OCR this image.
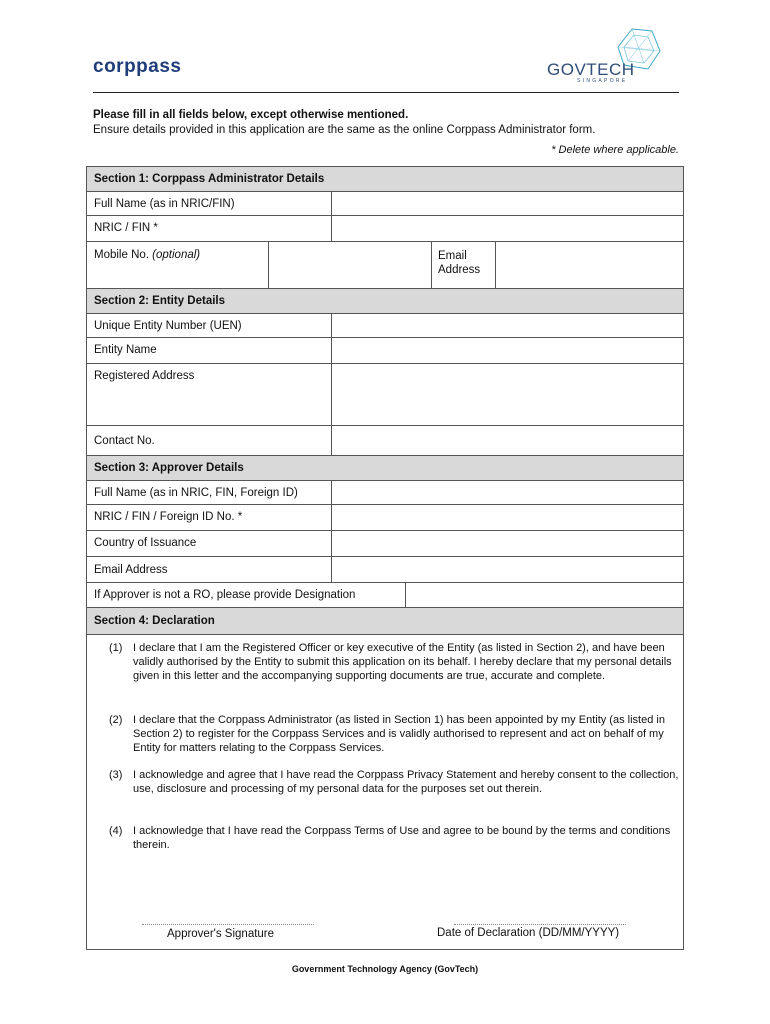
corppass	GOVTECH
SINGAPORE
Please fill in all fields below, except otherwise mentioned.
Ensure details provided in this application are the same as the online Corppass Administrator form.
* Delete where applicable.
Section 1: Corppass Administrator Details
Full Name (as in NRIC/FIN)
NRIC / FIN *
Mobile No. (optional)	Email
Address
Section 2: Entity Details
Unique Entity Number (UEN)
Entity Name
Registered Address
Contact No.
Section 3: Approver Details
Full Name (as in NRIC, FIN, Foreign ID)
NRIC / FIN / Foreign ID No. *
Country of Issuance
Email Address
If Approver is not a RO, please provide Designation
Section 4: Declaration
(1) I declare that I am the Registered Officer or key executive of the Entity (as listed in Section 2), and have been validly authorised by the Entity to submit this application on its behalf. I hereby declare that my personal details given in this letter and the accompanying supporting documents are true, accurate and complete.
(2) I declare that the Corppass Administrator (as listed in Section 1) has been appointed by my Entity (as listed in Section 2) to register for the Corppass Services and is validly authorised to represent and act on behalf of my Entity for matters relating to the Corppass Services.
(3) I acknowledge and agree that I have read the Corppass Privacy Statement and hereby consent to the collection, use, disclosure and processing of my personal data for the purposes set out therein.
(4) I acknowledge that I have read the Corppass Terms of Use and agree to be bound by the terms and conditions therein.
Approver's Signature	Date of Declaration (DD/MM/YYYY)
Government Technology Agency (GovTech)
